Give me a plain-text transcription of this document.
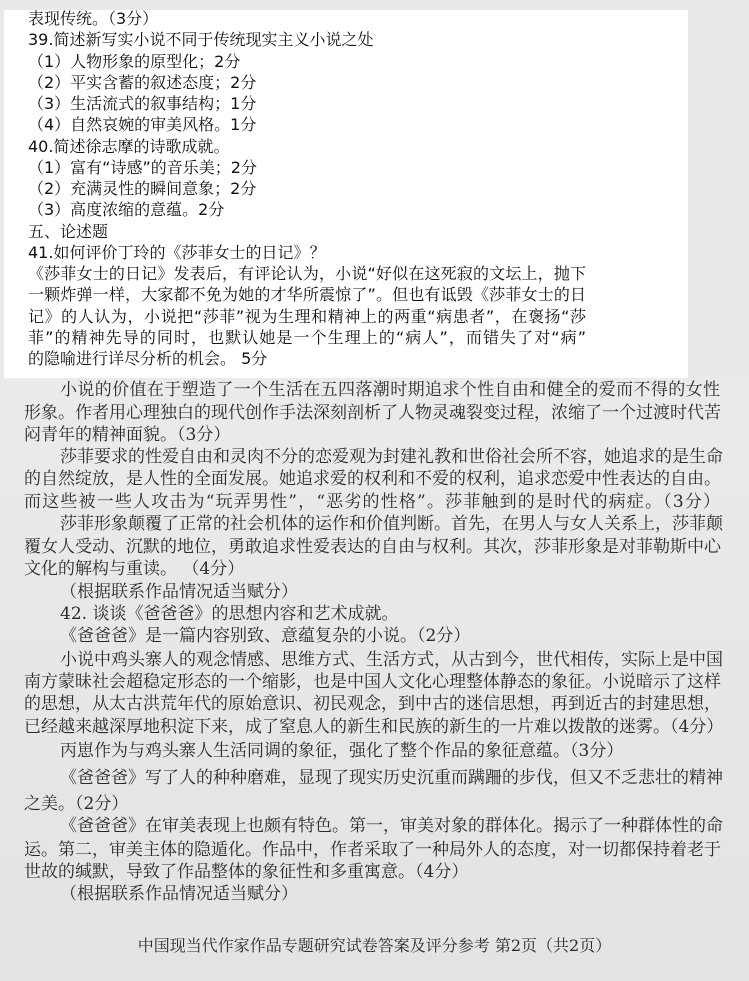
表现传统。（3分）
39.简述新写实小说不同于传统现实主义小说之处
（1）人物形象的原型化；2分
（2）平实含蓄的叙述态度；2分
（3）生活流式的叙事结构；1分
（4）自然哀婉的审美风格。1分
40.简述徐志摩的诗歌成就。
（1）富有“诗感”的音乐美；2分
（2）充满灵性的瞬间意象；2分
（3）高度浓缩的意蕴。2分
五、论述题
41.如何评价丁玲的《莎菲女士的日记》？
《莎菲女士的日记》发表后，有评论认为，小说“好似在这死寂的文坛上，抛下
一颗炸弹一样，大家都不免为她的才华所震惊了”。但也有诋毁《莎菲女士的日
记》的人认为，小说把“莎菲”视为生理和精神上的两重“病患者”，在褒扬“莎
菲”的精神先导的同时，也默认她是一个生理上的“病人”，而错失了对“病”
的隐喻进行详尽分析的机会。 5分
小说的价值在于塑造了一个生活在五四落潮时期追求个性自由和健全的爱而不得的女性
形象。作者用心理独白的现代创作手法深刻剖析了人物灵魂裂变过程，浓缩了一个过渡时代苦
闷青年的精神面貌。（3分）
莎菲要求的性爱自由和灵肉不分的恋爱观为封建礼教和世俗社会所不容，她追求的是生命
的自然绽放，是人性的全面发展。她追求爱的权利和不爱的权利，追求恋爱中性表达的自由。
而这些被一些人攻击为“玩弄男性”，“恶劣的性格”。莎菲触到的是时代的病症。（3分）
莎菲形象颠覆了正常的社会机体的运作和价值判断。首先，在男人与女人关系上，莎菲颠
覆女人受动、沉默的地位，勇敢追求性爱表达的自由与权利。其次，莎菲形象是对菲勒斯中心
文化的解构与重读。 （4分）
（根据联系作品情况适当赋分）
42. 谈谈《爸爸爸》的思想内容和艺术成就。
《爸爸爸》是一篇内容别致、意蕴复杂的小说。（2分）
小说中鸡头寨人的观念情感、思维方式、生活方式，从古到今，世代相传，实际上是中国
南方蒙昧社会超稳定形态的一个缩影，也是中国人文化心理整体静态的象征。小说暗示了这样
的思想，从太古洪荒年代的原始意识、初民观念，到中古的迷信思想，再到近古的封建思想，
已经越来越深厚地积淀下来，成了窒息人的新生和民族的新生的一片难以拨散的迷雾。（4分）
丙崽作为与鸡头寨人生活同调的象征，强化了整个作品的象征意蕴。（3分）
《爸爸爸》写了人的种种磨难，显现了现实历史沉重而蹒跚的步伐，但又不乏悲壮的精神
之美。（2分）
《爸爸爸》在审美表现上也颇有特色。第一，审美对象的群体化。揭示了一种群体性的命
运。第二，审美主体的隐遁化。作品中，作者采取了一种局外人的态度，对一切都保持着老于
世故的缄默，导致了作品整体的象征性和多重寓意。（4分）
（根据联系作品情况适当赋分）
中国现当代作家作品专题研究试卷答案及评分参考 第2页（共2页）
